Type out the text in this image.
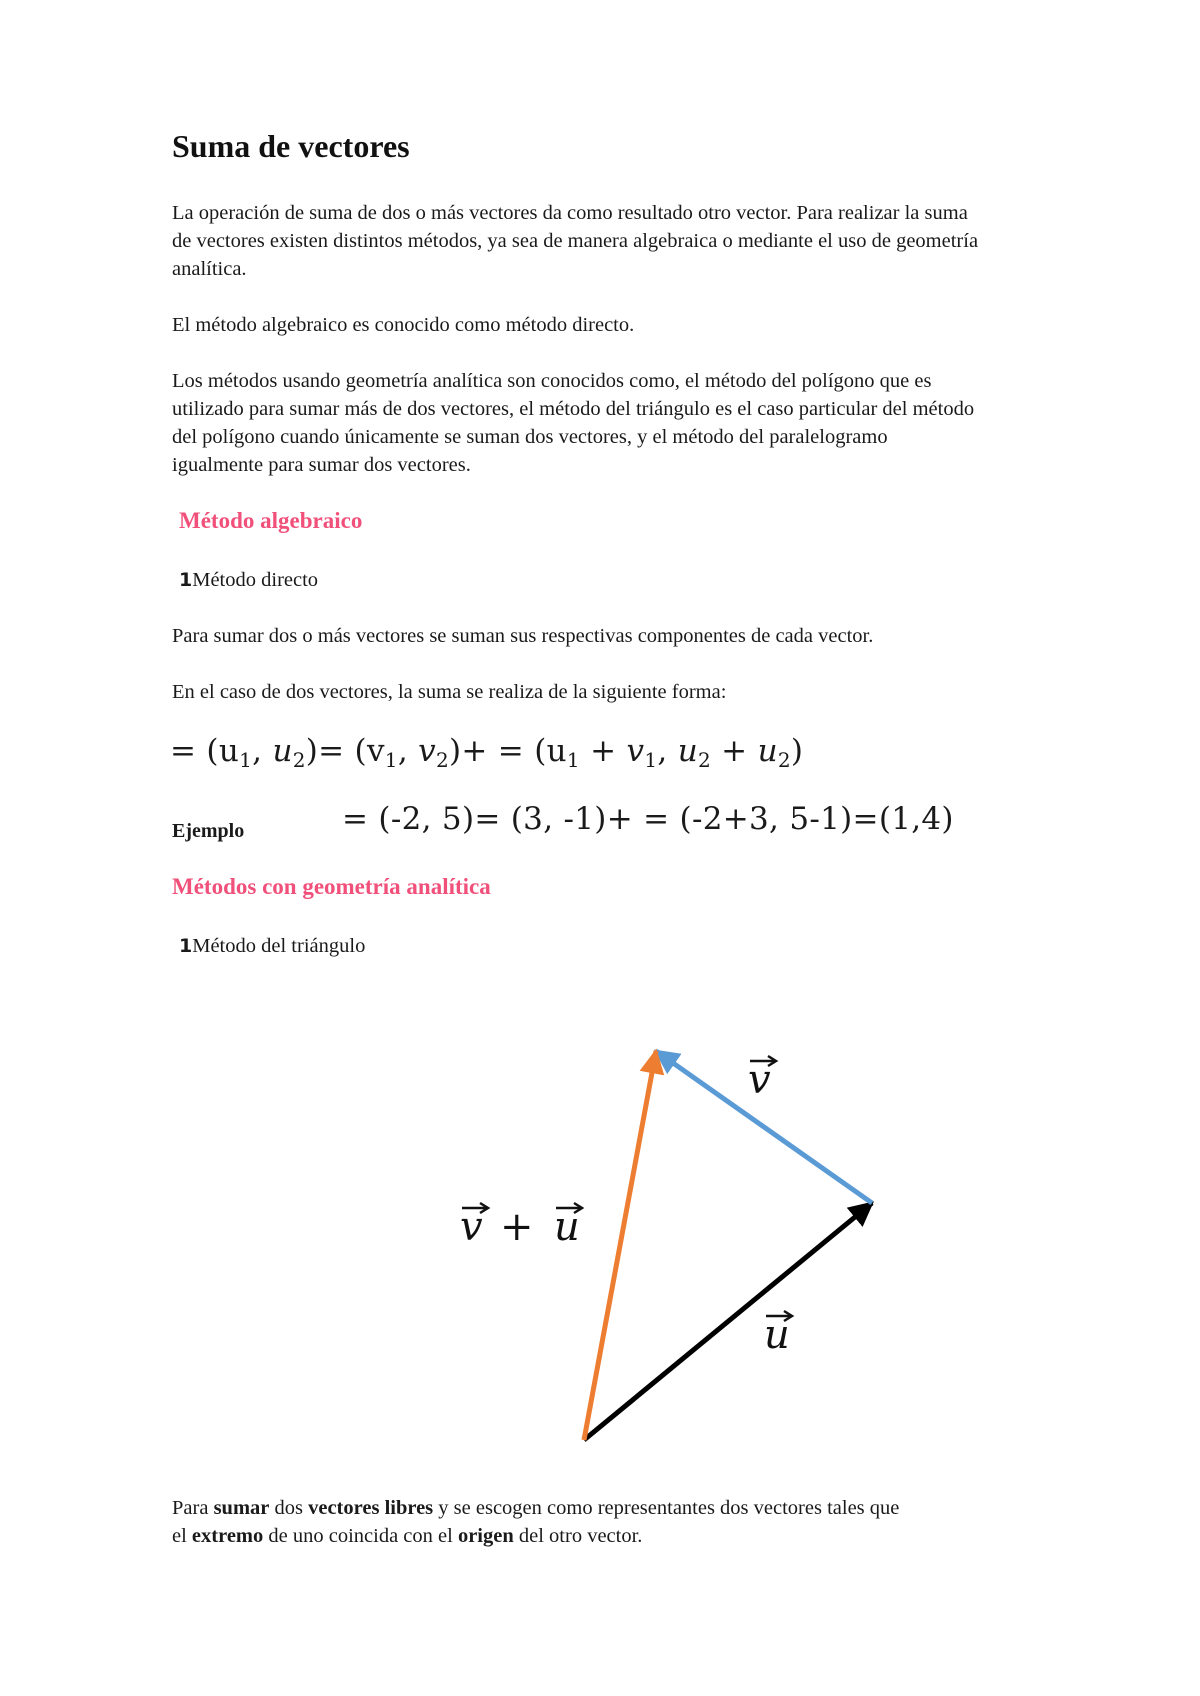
Suma de vectores
La operación de suma de dos o más vectores da como resultado otro vector. Para realizar la suma
de vectores existen distintos métodos, ya sea de manera algebraica o mediante el uso de geometría
analítica.
El método algebraico es conocido como método directo.
Los métodos usando geometría analítica son conocidos como, el método del polígono que es
utilizado para sumar más de dos vectores, el método del triángulo es el caso particular del método
del polígono cuando únicamente se suman dos vectores, y el método del paralelogramo
igualmente para sumar dos vectores.
Método algebraico
1Método directo
Para sumar dos o más vectores se suman sus respectivas componentes de cada vector.
En el caso de dos vectores, la suma se realiza de la siguiente forma:
= ($u_1$, $u_2)= (v_1$, $v_2)+ = (u_1 + v_1$, $u_2 + u_2$)
Ejemplo	= (-2, 5)= (3, -1)+ = (-2+3, 5-1)=(1,4)
Métodos con geometría analítica
1Método del triángulo
v
v + u
u
Para sumar dos vectores libres y se escogen como representantes dos vectores tales que
el extremo de uno coincida con el origen del otro vector.
